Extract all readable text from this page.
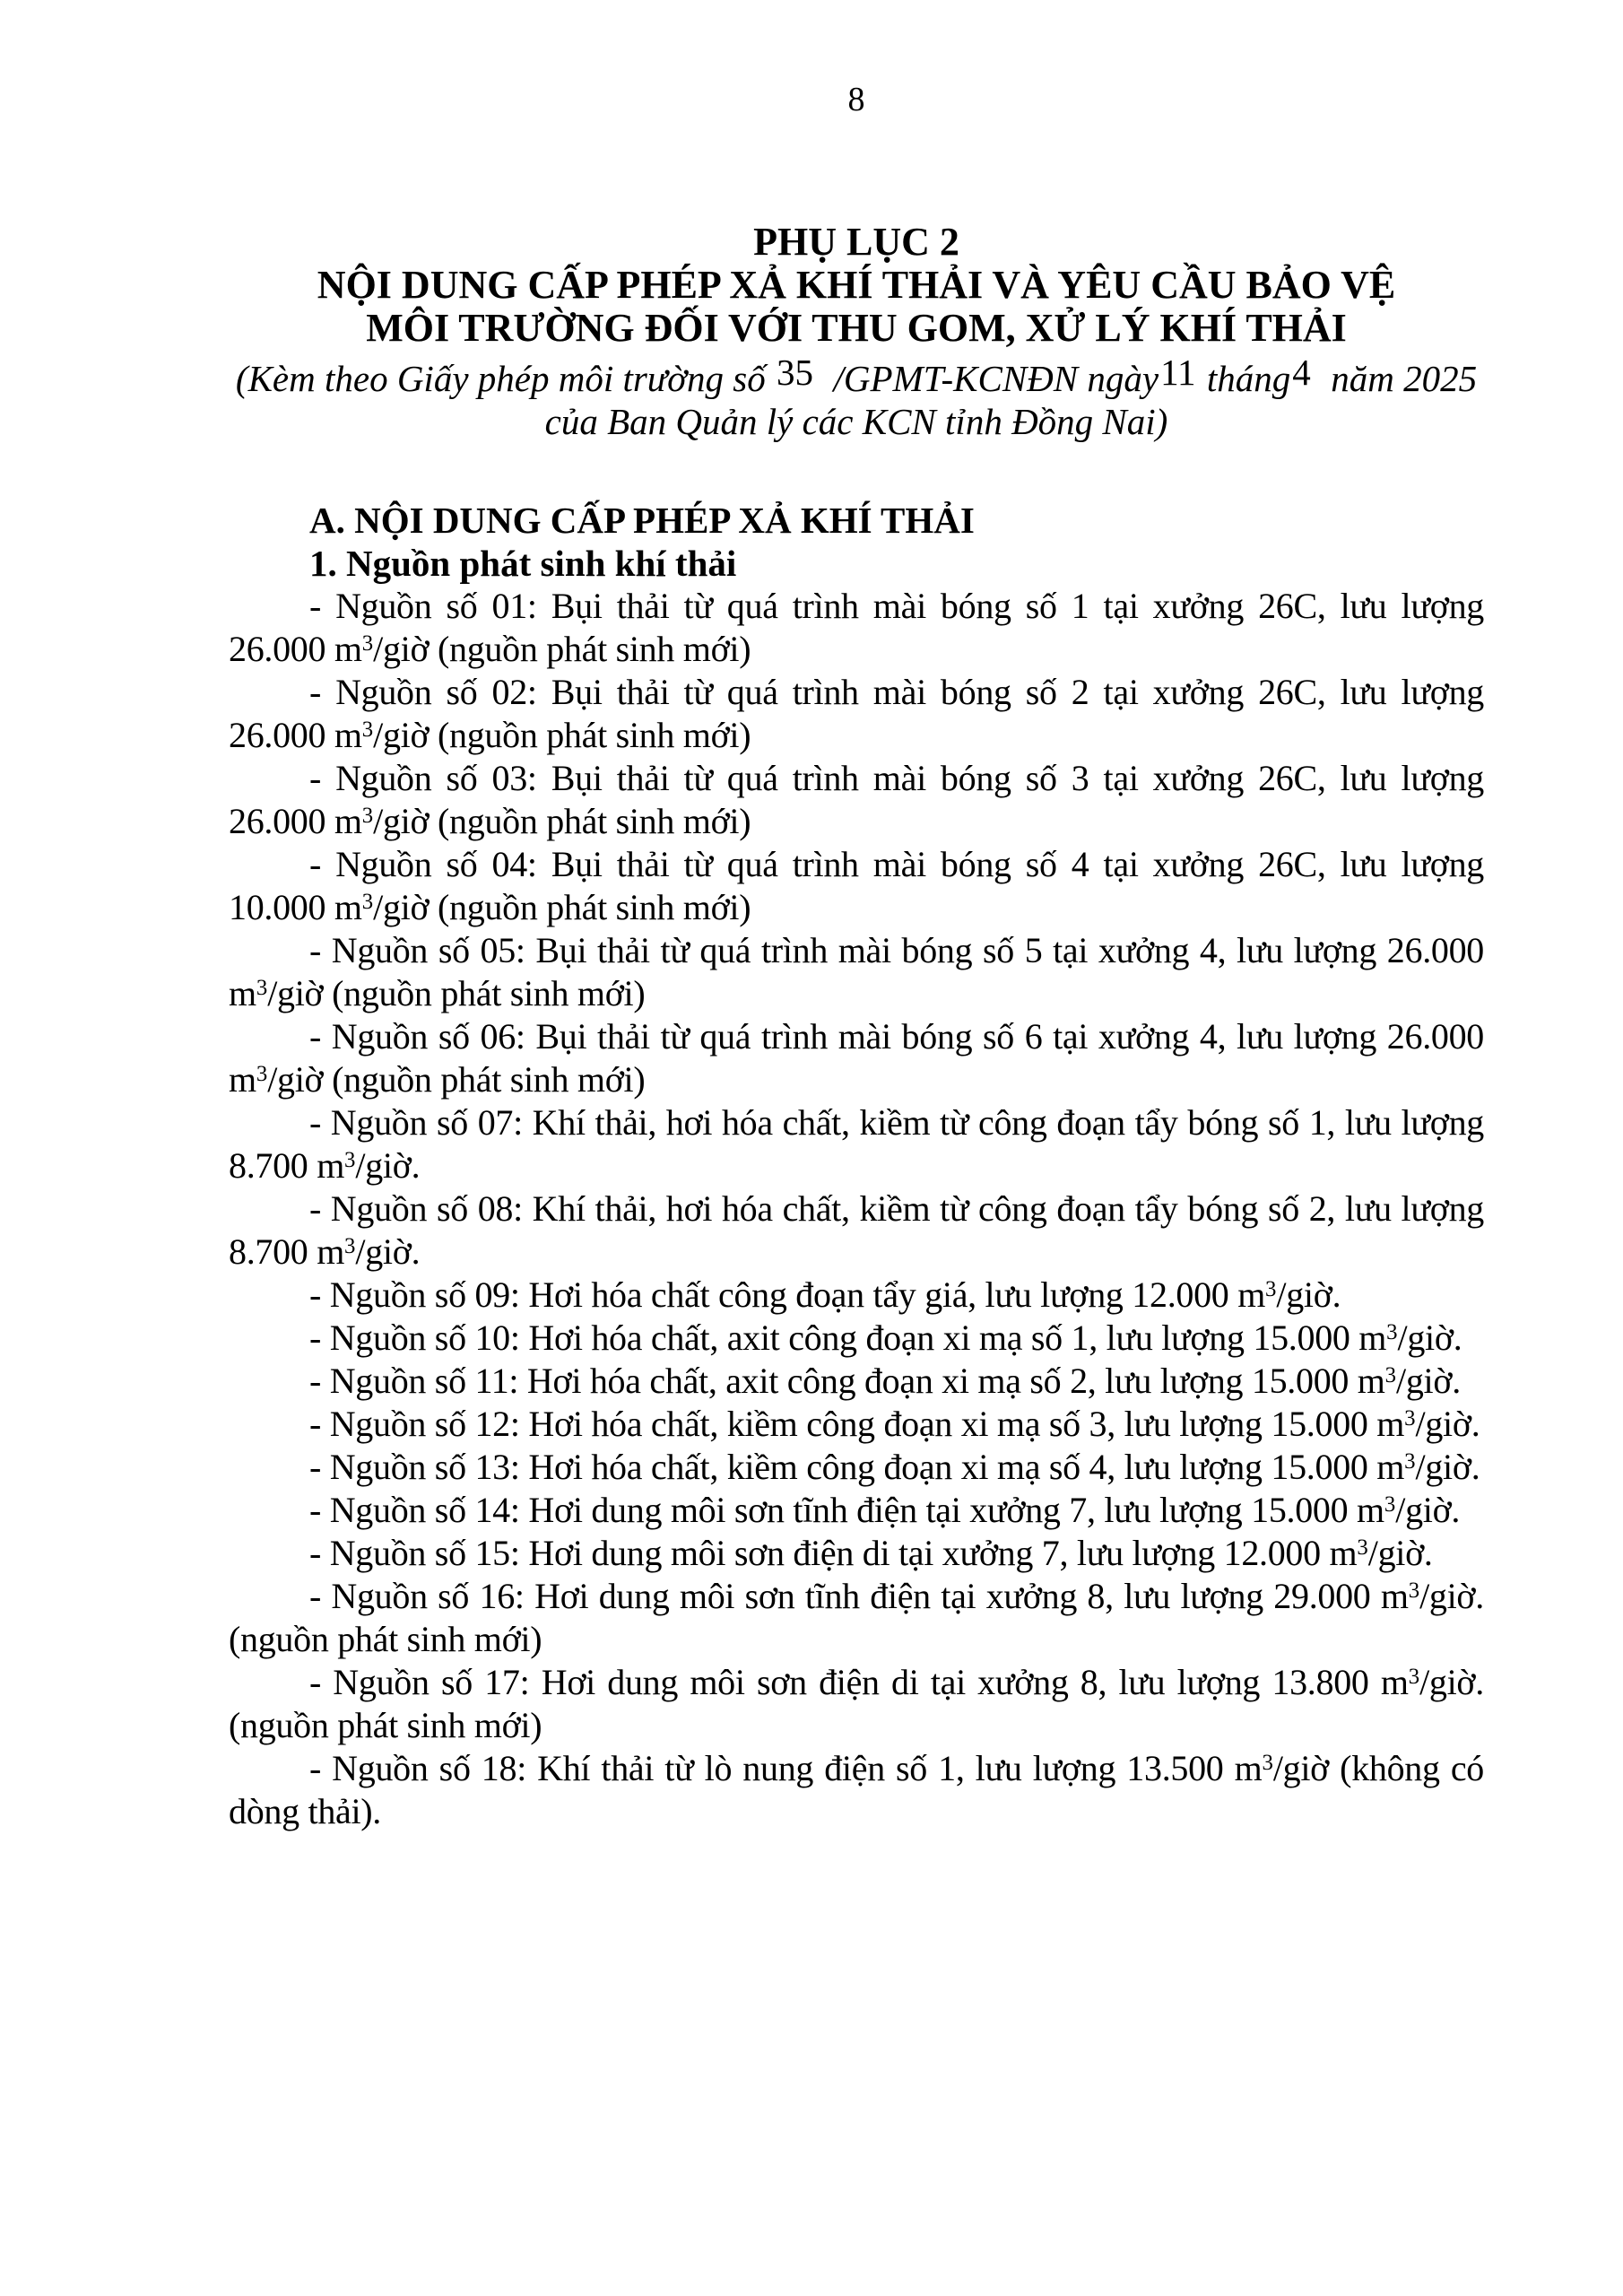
8
PHỤ LỤC 2
NỘI DUNG CẤP PHÉP XẢ KHÍ THẢI VÀ YÊU CẦU BẢO VỆ
MÔI TRƯỜNG ĐỐI VỚI THU GOM, XỬ LÝ KHÍ THẢI
(Kèm theo Giấy phép môi trường số 35  /GPMT-KCNĐN ngày11 tháng4  năm 2025
của Ban Quản lý các KCN tỉnh Đồng Nai)
A. NỘI DUNG CẤP PHÉP XẢ KHÍ THẢI
1. Nguồn phát sinh khí thải

- Nguồn số 01: Bụi thải từ quá trình mài bóng số 1 tại xưởng 26C, lưu lượng 26.000 $m^3$/giờ (nguồn phát sinh mới)

- Nguồn số 02: Bụi thải từ quá trình mài bóng số 2 tại xưởng 26C, lưu lượng 26.000 $m^3$/giờ (nguồn phát sinh mới)

- Nguồn số 03: Bụi thải từ quá trình mài bóng số 3 tại xưởng 26C, lưu lượng 26.000 $m^3$/giờ (nguồn phát sinh mới)

- Nguồn số 04: Bụi thải từ quá trình mài bóng số 4 tại xưởng 26C, lưu lượng 10.000 $m^3$/giờ (nguồn phát sinh mới)

- Nguồn số 05: Bụi thải từ quá trình mài bóng số 5 tại xưởng 4, lưu lượng 26.000 $m^3$/giờ (nguồn phát sinh mới)

- Nguồn số 06: Bụi thải từ quá trình mài bóng số 6 tại xưởng 4, lưu lượng 26.000 $m^3$/giờ (nguồn phát sinh mới)

- Nguồn số 07: Khí thải, hơi hóa chất, kiềm từ công đoạn tẩy bóng số 1, lưu lượng 8.700 $m^3$/giờ.

- Nguồn số 08: Khí thải, hơi hóa chất, kiềm từ công đoạn tẩy bóng số 2, lưu lượng 8.700 $m^3$/giờ.

- Nguồn số 09: Hơi hóa chất công đoạn tẩy giá, lưu lượng 12.000 $m^3$/giờ.

- Nguồn số 10: Hơi hóa chất, axit công đoạn xi mạ số 1, lưu lượng 15.000 $m^3$/giờ.

- Nguồn số 11: Hơi hóa chất, axit công đoạn xi mạ số 2, lưu lượng 15.000 $m^3$/giờ.

- Nguồn số 12: Hơi hóa chất, kiềm công đoạn xi mạ số 3, lưu lượng 15.000 $m^3$/giờ.

- Nguồn số 13: Hơi hóa chất, kiềm công đoạn xi mạ số 4, lưu lượng 15.000 $m^3$/giờ.

- Nguồn số 14: Hơi dung môi sơn tĩnh điện tại xưởng 7, lưu lượng 15.000 $m^3$/giờ.

- Nguồn số 15: Hơi dung môi sơn điện di tại xưởng 7, lưu lượng 12.000 $m^3$/giờ.

- Nguồn số 16: Hơi dung môi sơn tĩnh điện tại xưởng 8, lưu lượng 29.000 $m^3$/giờ. (nguồn phát sinh mới)

- Nguồn số 17: Hơi dung môi sơn điện di tại xưởng 8, lưu lượng 13.800 $m^3$/giờ. (nguồn phát sinh mới)

- Nguồn số 18: Khí thải từ lò nung điện số 1, lưu lượng 13.500 $m^3$/giờ (không có dòng thải).
